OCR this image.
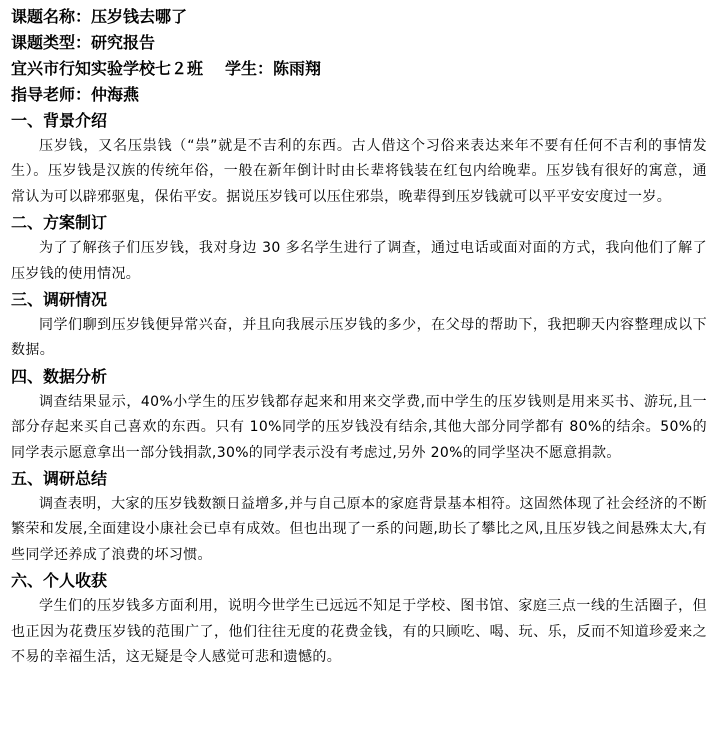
课题名称：压岁钱去哪了
课题类型：研究报告
宜兴市行知实验学校七２班 学生：陈雨翔
指导老师：仲海燕
一、背景介绍

压岁钱，又名压祟钱（“祟”就是不吉利的东西。古人借这个习俗来表达来年不要有任何不吉利的事情发生）。压岁钱是汉族的传统年俗，一般在新年倒计时由长辈将钱装在红包内给晚辈。压岁钱有很好的寓意，通常认为可以辟邪驱鬼，保佑平安。据说压岁钱可以压住邪祟，晚辈得到压岁钱就可以平平安安度过一岁。

二、方案制订

为了了解孩子们压岁钱，我对身边 30 多名学生进行了调查，通过电话或面对面的方式，我向他们了解了压岁钱的使用情况。

三、调研情况

同学们聊到压岁钱便异常兴奋，并且向我展示压岁钱的多少，在父母的帮助下，我把聊天内容整理成以下数据。

四、数据分析

调查结果显示，40%小学生的压岁钱都存起来和用来交学费,而中学生的压岁钱则是用来买书、游玩,且一部分存起来买自己喜欢的东西。只有 10%同学的压岁钱没有结余,其他大部分同学都有 80%的结余。50%的同学表示愿意拿出一部分钱捐款,30%的同学表示没有考虑过,另外 20%的同学坚决不愿意捐款。

五、调研总结

调查表明，大家的压岁钱数额日益增多,并与自己原本的家庭背景基本相符。这固然体现了社会经济的不断繁荣和发展,全面建设小康社会已卓有成效。但也出现了一系的问题,助长了攀比之风,且压岁钱之间悬殊太大,有些同学还养成了浪费的坏习惯。

六、个人收获

学生们的压岁钱多方面利用，说明今世学生已远远不知足于学校、图书馆、家庭三点一线的生活圈子，但也正因为花费压岁钱的范围广了，他们往往无度的花费金钱，有的只顾吃、喝、玩、乐，反而不知道珍爱来之不易的幸福生活，这无疑是令人感觉可悲和遗憾的。
